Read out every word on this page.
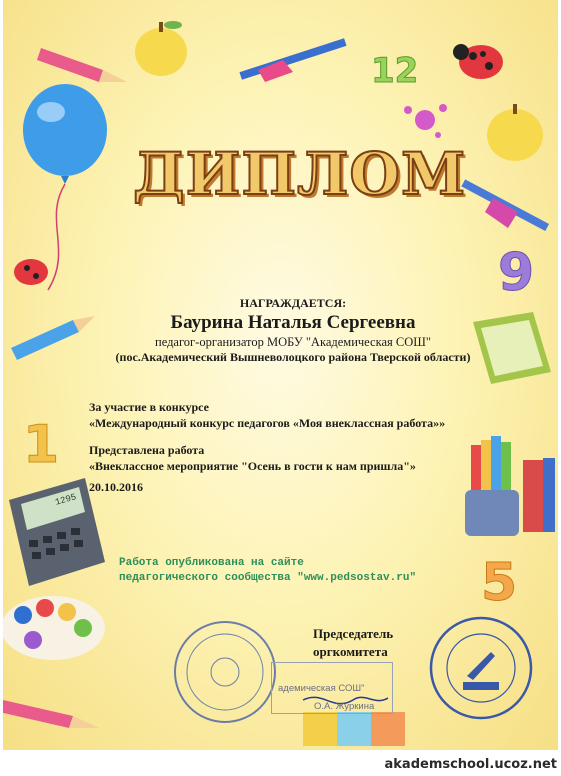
12
9
1
5
ДИПЛОМ
НАГРАЖДАЕТСЯ:
Баурина Наталья Сергеевна
педагог-организатор МОБУ "Академическая СОШ"
(пос.Академический Вышневолоцкого района Тверской области)
За участие в конкурсе
«Международный конкурс педагогов «Моя внеклассная работа»»
Представлена работа
«Внеклассное мероприятие "Осень в гости к нам пришла"»
20.10.2016
Работа опубликована на сайте
педагогического сообщества "www.pedsostav.ru"
Председатель
оргкомитета
адемическая СОШ"
О.А. Журкина
1295
akademschool.ucoz.net
